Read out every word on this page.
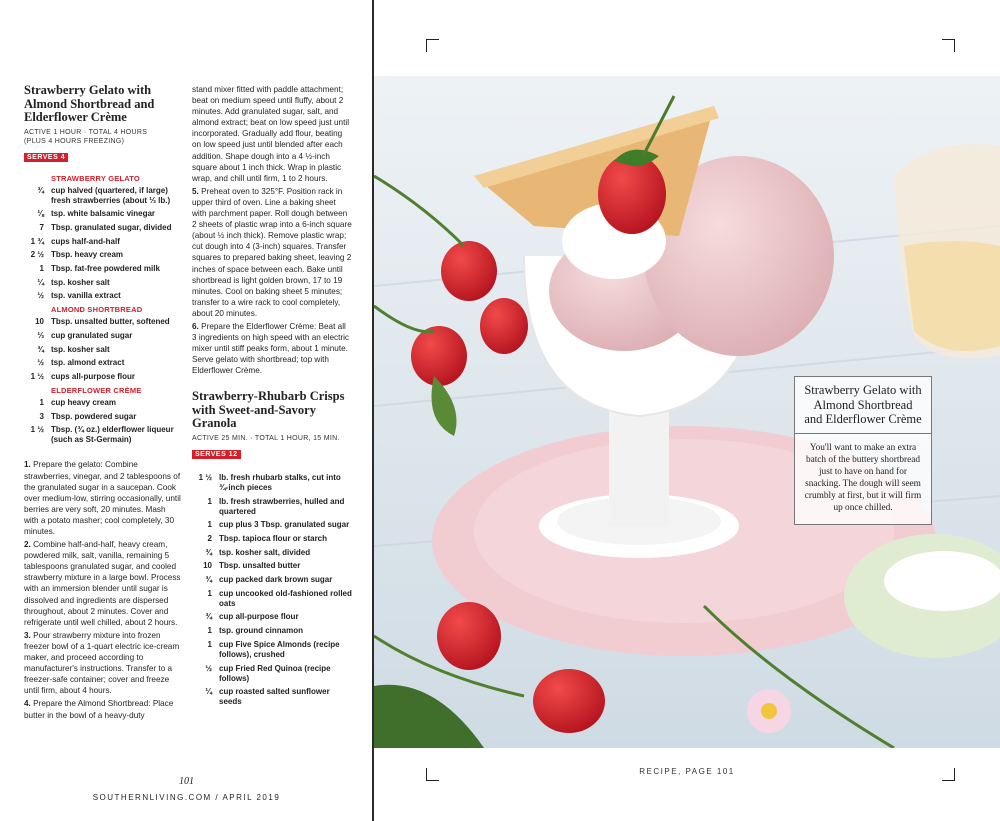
Strawberry Gelato with Almond Shortbread and Elderflower Crème
ACTIVE 1 HOUR · TOTAL 4 HOURS
(PLUS 4 HOURS FREEZING)
SERVES 4
STRAWBERRY GELATO
¾ cup halved (quartered, if large) fresh strawberries (about ⅓ lb.)
⅛ tsp. white balsamic vinegar
7 Tbsp. granulated sugar, divided
1 ¾ cups half-and-half
2 ½ Tbsp. heavy cream
1 Tbsp. fat-free powdered milk
¼ tsp. kosher salt
½ tsp. vanilla extract
ALMOND SHORTBREAD
10 Tbsp. unsalted butter, softened
⅓ cup granulated sugar
¾ tsp. kosher salt
½ tsp. almond extract
1 ½ cups all-purpose flour
ELDERFLOWER CRÈME
1 cup heavy cream
3 Tbsp. powdered sugar
1 ½ Tbsp. (¾ oz.) elderflower liqueur (such as St-Germain)

1. Prepare the gelato: Combine strawberries, vinegar, and 2 tablespoons of the granulated sugar in a saucepan. Cook over medium-low, stirring occasionally, until berries are very soft, 20 minutes. Mash with a potato masher; cool completely, 30 minutes.

2. Combine half-and-half, heavy cream, powdered milk, salt, vanilla, remaining 5 tablespoons granulated sugar, and cooled strawberry mixture in a large bowl. Process with an immersion blender until sugar is dissolved and ingredients are dispersed throughout, about 2 minutes. Cover and refrigerate until well chilled, about 2 hours.

3. Pour strawberry mixture into frozen freezer bowl of a 1-quart electric ice-cream maker, and proceed according to manufacturer's instructions. Transfer to a freezer-safe container; cover and freeze until firm, about 4 hours.

4. Prepare the Almond Shortbread: Place butter in the bowl of a heavy-duty

stand mixer fitted with paddle attachment; beat on medium speed until fluffy, about 2 minutes. Add granulated sugar, salt, and almond extract; beat on low speed just until incorporated. Gradually add flour, beating on low speed just until blended after each addition. Shape dough into a 4 ½-inch square about 1 inch thick. Wrap in plastic wrap, and chill until firm, 1 to 2 hours.

5. Preheat oven to 325°F. Position rack in upper third of oven. Line a baking sheet with parchment paper. Roll dough between 2 sheets of plastic wrap into a 6-inch square (about ½ inch thick). Remove plastic wrap; cut dough into 4 (3-inch) squares. Transfer squares to prepared baking sheet, leaving 2 inches of space between each. Bake until shortbread is light golden brown, 17 to 19 minutes. Cool on baking sheet 5 minutes; transfer to a wire rack to cool completely, about 20 minutes.

6. Prepare the Elderflower Crème: Beat all 3 ingredients on high speed with an electric mixer until stiff peaks form, about 1 minute. Serve gelato with shortbread; top with Elderflower Crème.

Strawberry-Rhubarb Crisps with Sweet-and-Savory Granola
ACTIVE 25 MIN. · TOTAL 1 HOUR, 15 MIN.
SERVES 12
1 ½ lb. fresh rhubarb stalks, cut into ¾-inch pieces
1 lb. fresh strawberries, hulled and quartered
1 cup plus 3 Tbsp. granulated sugar
2 Tbsp. tapioca flour or starch
¾ tsp. kosher salt, divided
10 Tbsp. unsalted butter
¾ cup packed dark brown sugar
1 cup uncooked old-fashioned rolled oats
¾ cup all-purpose flour
1 tsp. ground cinnamon
1 cup Five Spice Almonds (recipe follows), crushed
½ cup Fried Red Quinoa (recipe follows)
¼ cup roasted salted sunflower seeds
101
SOUTHERNLIVING.COM / APRIL 2019
Strawberry Gelato with Almond Shortbread and Elderflower Crème
You'll want to make an extra batch of the buttery shortbread just to have on hand for snacking. The dough will seem crumbly at first, but it will firm up once chilled.
RECIPE, PAGE 101
